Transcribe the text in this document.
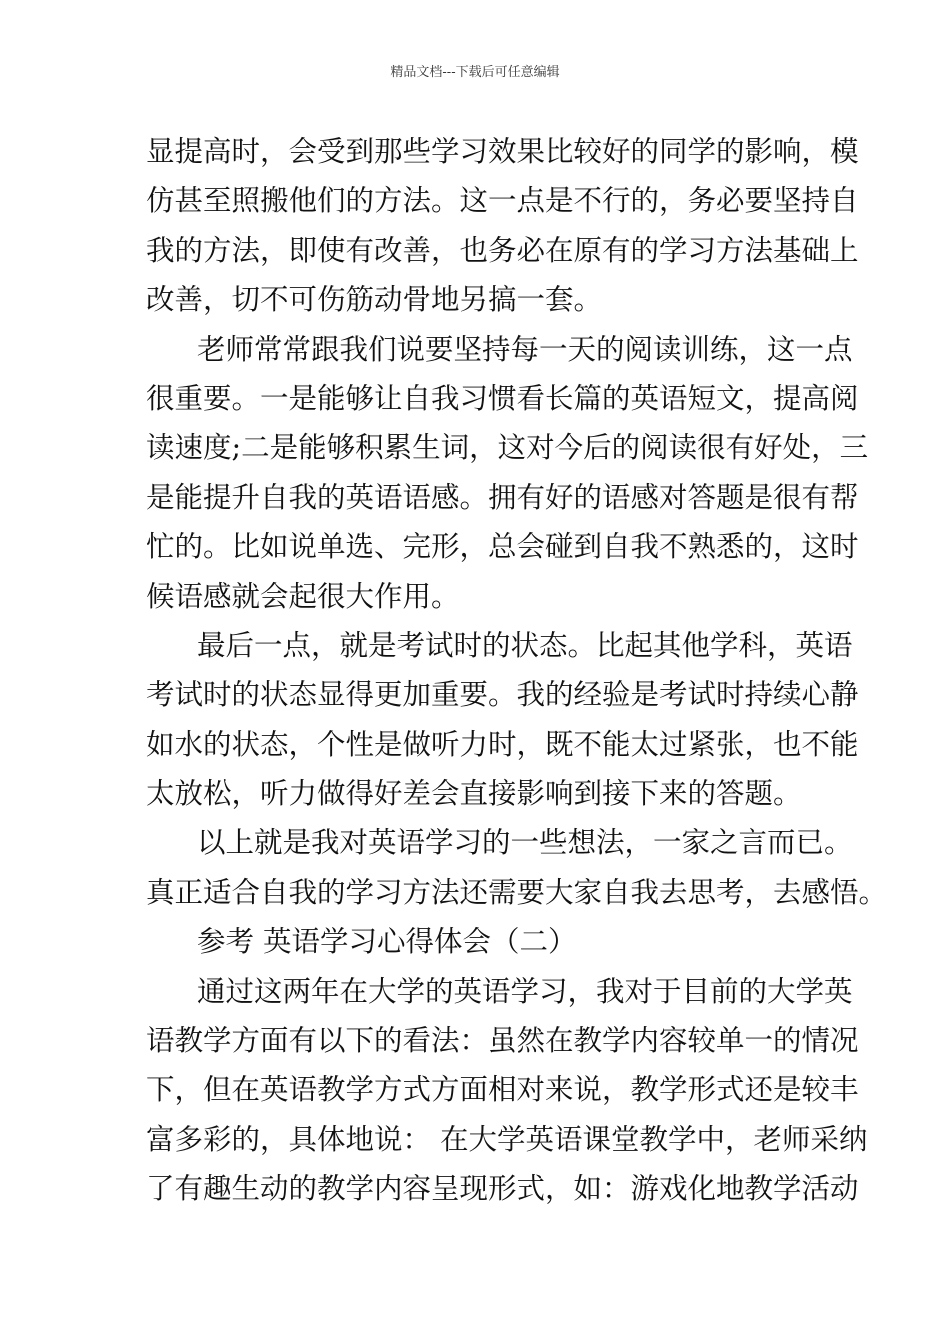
精品文档---下载后可任意编辑
显提高时，会受到那些学习效果比较好的同学的影响，模
仿甚至照搬他们的方法。这一点是不行的，务必要坚持自
我的方法，即使有改善，也务必在原有的学习方法基础上
改善，切不可伤筋动骨地另搞一套。
老师常常跟我们说要坚持每一天的阅读训练，这一点
很重要。一是能够让自我习惯看长篇的英语短文，提高阅
读速度;二是能够积累生词，这对今后的阅读很有好处，三
是能提升自我的英语语感。拥有好的语感对答题是很有帮
忙的。比如说单选、完形，总会碰到自我不熟悉的，这时
候语感就会起很大作用。
最后一点，就是考试时的状态。比起其他学科，英语
考试时的状态显得更加重要。我的经验是考试时持续心静
如水的状态，个性是做听力时，既不能太过紧张，也不能
太放松，听力做得好差会直接影响到接下来的答题。
以上就是我对英语学习的一些想法，一家之言而已。
真正适合自我的学习方法还需要大家自我去思考，去感悟。
参考 英语学习心得体会（二）
通过这两年在大学的英语学习，我对于目前的大学英
语教学方面有以下的看法：虽然在教学内容较单一的情况
下，但在英语教学方式方面相对来说，教学形式还是较丰
富多彩的，具体地说： 在大学英语课堂教学中，老师采纳
了有趣生动的教学内容呈现形式，如：游戏化地教学活动
